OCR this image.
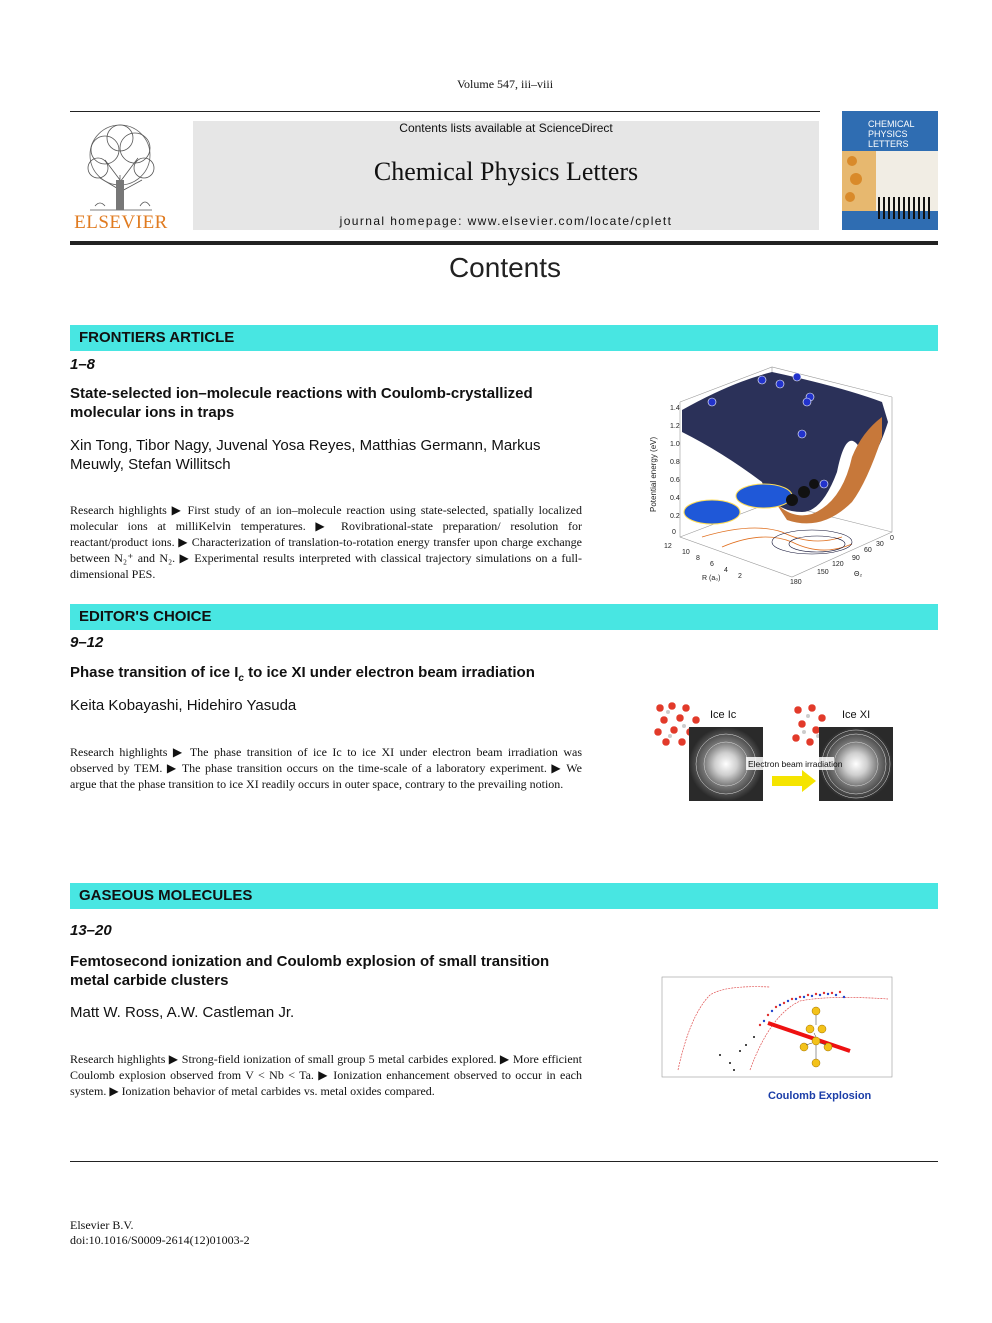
Volume 547, iii–viii
ELSEVIER
Contents lists available at ScienceDirect
Chemical Physics Letters
journal homepage: www.elsevier.com/locate/cplett
CHEMICAL
PHYSICS
LETTERS
Contents
FRONTIERS ARTICLE
1–8
State-selected ion–molecule reactions with Coulomb-crystallized molecular ions in traps
Xin Tong, Tibor Nagy, Juvenal Yosa Reyes, Matthias Germann, Markus Meuwly, Stefan Willitsch
Research highlights ▶ First study of an ion–molecule reaction using state-selected, spatially localized molecular ions at milliKelvin temperatures. ▶ Rovibrational-state preparation/ resolution for reactant/product ions. ▶ Characterization of translation-to-rotation energy transfer upon charge exchange between N₂⁺ and N₂. ▶ Experimental results interpreted with classical trajectory simulations on a full-dimensional PES.
1.4
1.2
1.0
0.8
0.6
0.4
0.2
0
12
10
8
6
4
2
R (a₀)
180
150
120
90
60
30
0
Θ₂
Potential energy (eV)
EDITOR'S CHOICE
9–12
Phase transition of ice $I_c$ to ice XI under electron beam irradiation
Keita Kobayashi, Hidehiro Yasuda
Research highlights ▶ The phase transition of ice Ic to ice XI under electron beam irradiation was observed by TEM. ▶ The phase transition occurs on the time-scale of a laboratory experiment. ▶ We argue that the phase transition to ice XI readily occurs in outer space, contrary to the prevailing notion.
Ice Ic	Ice XI
Electron beam irradiation
GASEOUS MOLECULES
13–20
Femtosecond ionization and Coulomb explosion of small transition metal carbide clusters
Matt W. Ross, A.W. Castleman Jr.
Research highlights ▶ Strong-field ionization of small group 5 metal carbides explored. ▶ More efficient Coulomb explosion observed from V < Nb < Ta. ▶ Ionization enhancement observed to occur in each system. ▶ Ionization behavior of metal carbides vs. metal oxides compared.	Coulomb Explosion
Elsevier B.V.
doi:10.1016/S0009-2614(12)01003-2
